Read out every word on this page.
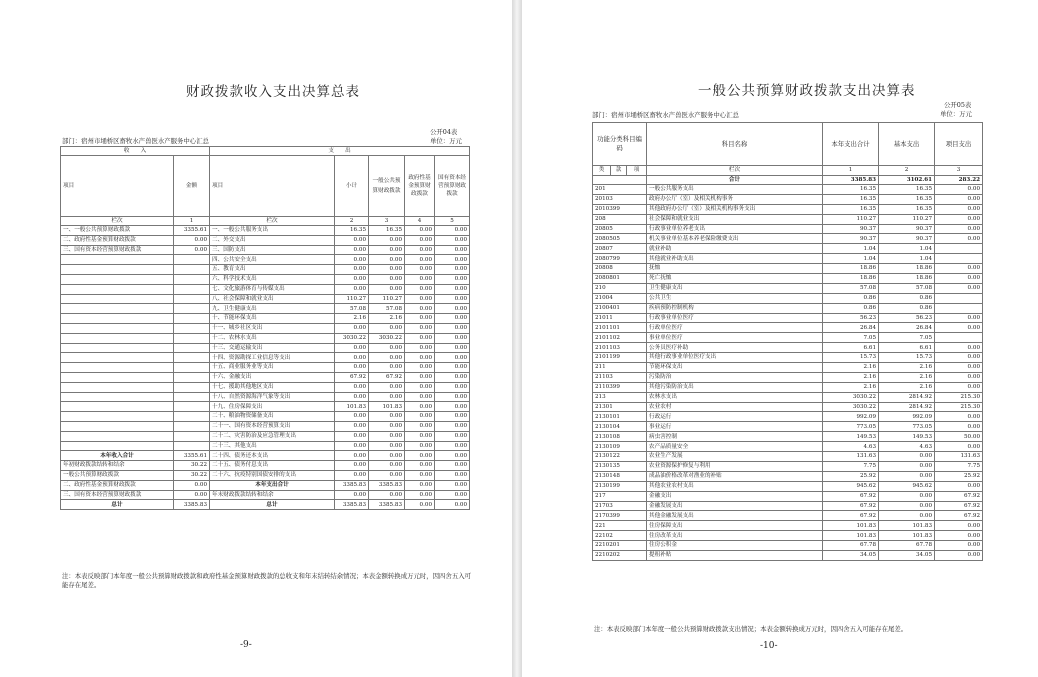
财政拨款收入支出决算总表
公开04表
部门：宿州市埇桥区畜牧水产兽医水产服务中心汇总	单位：万元
收　　入		支　　出				
项目	金额	项目	小计	一般公共预算财政拨款	政府性基金预算财政拨款	国有资本经营预算财政拨款
栏次	1	栏次	2	3	4	5
一、一般公共预算财政拨款	3355.61	一、一般公共服务支出	16.35	16.35	0.00	0.00
二、政府性基金预算财政拨款	0.00	二、外交支出	0.00	0.00	0.00	0.00
三、国有资本经营预算财政拨款	0.00	三、国防支出	0.00	0.00	0.00	0.00
		四、公共安全支出	0.00	0.00	0.00	0.00
		五、教育支出	0.00	0.00	0.00	0.00
		六、科学技术支出	0.00	0.00	0.00	0.00
		七、文化旅游体育与传媒支出	0.00	0.00	0.00	0.00
		八、社会保障和就业支出	110.27	110.27	0.00	0.00
		九、卫生健康支出	57.08	57.08	0.00	0.00
		十、节能环保支出	2.16	2.16	0.00	0.00
		十一、城乡社区支出	0.00	0.00	0.00	0.00
		十二、农林水支出	3030.22	3030.22	0.00	0.00
		十三、交通运输支出	0.00	0.00	0.00	0.00
		十四、资源勘探工业信息等支出	0.00	0.00	0.00	0.00
		十五、商业服务业等支出	0.00	0.00	0.00	0.00
		十六、金融支出	67.92	67.92	0.00	0.00
		十七、援助其他地区支出	0.00	0.00	0.00	0.00
		十八、自然资源海洋气象等支出	0.00	0.00	0.00	0.00
		十九、住房保障支出	101.83	101.83	0.00	0.00
		二十、粮油物资储备支出	0.00	0.00	0.00	0.00
		二十一、国有资本经营预算支出	0.00	0.00	0.00	0.00
		二十二、灾害防治及应急管理支出	0.00	0.00	0.00	0.00
		二十三、其他支出	0.00	0.00	0.00	0.00
本年收入合计	3355.61	二十四、债务还本支出	0.00	0.00	0.00	0.00
年初财政拨款结转和结余	30.22	二十五、债务付息支出	0.00	0.00	0.00	0.00
一般公共预算财政拨款	30.22	二十六、抗疫特别国债安排的支出	0.00	0.00	0.00	0.00
二、政府性基金预算财政拨款	0.00	本年支出合计	3385.83	3385.83	0.00	0.00
三、国有资本经营预算财政拨款	0.00	年末财政拨款结转和结余	0.00	0.00	0.00	0.00
总计	3385.83	总计	3385.83	3385.83	0.00	0.00
注：本表反映部门本年度一般公共预算财政拨款和政府性基金预算财政拨款的总收支和年末结转结余情况；本表金额转换成万元时，因四舍五入可能存在尾差。
-9-
一般公共预算财政拨款支出决算表
公开05表
部门：宿州市埇桥区畜牧水产兽医水产服务中心汇总	单位：万元
功能分类科目编码			科目名称	本年支出合计	基本支出	项目支出
类	款	项				
			栏次	1	2	3
			合计	3385.83	3102.61	283.22
201			一般公共服务支出	16.35	16.35	0.00
20103			政府办公厅（室）及相关机构事务	16.35	16.35	0.00
2010399			其他政府办公厅（室）及相关机构事务支出	16.35	16.35	0.00
208			社会保障和就业支出	110.27	110.27	0.00
20805			行政事业单位养老支出	90.37	90.37	0.00
2080505			机关事业单位基本养老保险缴费支出	90.37	90.37	0.00
20807			就业补助	1.04	1.04	
2080799			其他就业补助支出	1.04	1.04	
20808			抚恤	18.86	18.86	0.00
2080801			死亡抚恤	18.86	18.86	0.00
210			卫生健康支出	57.08	57.08	0.00
21004			公共卫生	0.86	0.86	
2100401			疾病预防控制机构	0.86	0.86	
21011			行政事业单位医疗	56.23	56.23	0.00
2101101			行政单位医疗	26.84	26.84	0.00
2101102			事业单位医疗	7.05	7.05	
2101103			公务员医疗补助	6.61	6.61	0.00
2101199			其他行政事业单位医疗支出	15.73	15.73	0.00
211			节能环保支出	2.16	2.16	0.00
21103			污染防治	2.16	2.16	0.00
2110399			其他污染防治支出	2.16	2.16	0.00
213			农林水支出	3030.22	2814.92	215.30
21301			农业农村	3030.22	2814.92	215.30
2130101			行政运行	992.09	992.09	0.00
2130104			事业运行	773.05	773.05	0.00
2130108			病虫害控制	149.53	149.53	50.00
2130109			农产品质量安全	4.63	4.63	0.00
2130122			农业生产发展	131.63	0.00	131.63
2130135			农业资源保护修复与利用	7.75	0.00	7.75
2130148			成品油价格改革对渔业的补贴	25.92	0.00	25.92
2130199			其他农业农村支出	945.62	945.62	0.00
217			金融支出	67.92	0.00	67.92
21703			金融发展支出	67.92	0.00	67.92
2170399			其他金融发展支出	67.92	0.00	67.92
221			住房保障支出	101.83	101.83	0.00
22102			住房改革支出	101.83	101.83	0.00
2210201			住房公积金	67.78	67.78	0.00
2210202			提租补贴	34.05	34.05	0.00
注：本表反映部门本年度一般公共预算财政拨款支出情况；本表金额转换成万元时，因四舍五入可能存在尾差。
-10-
